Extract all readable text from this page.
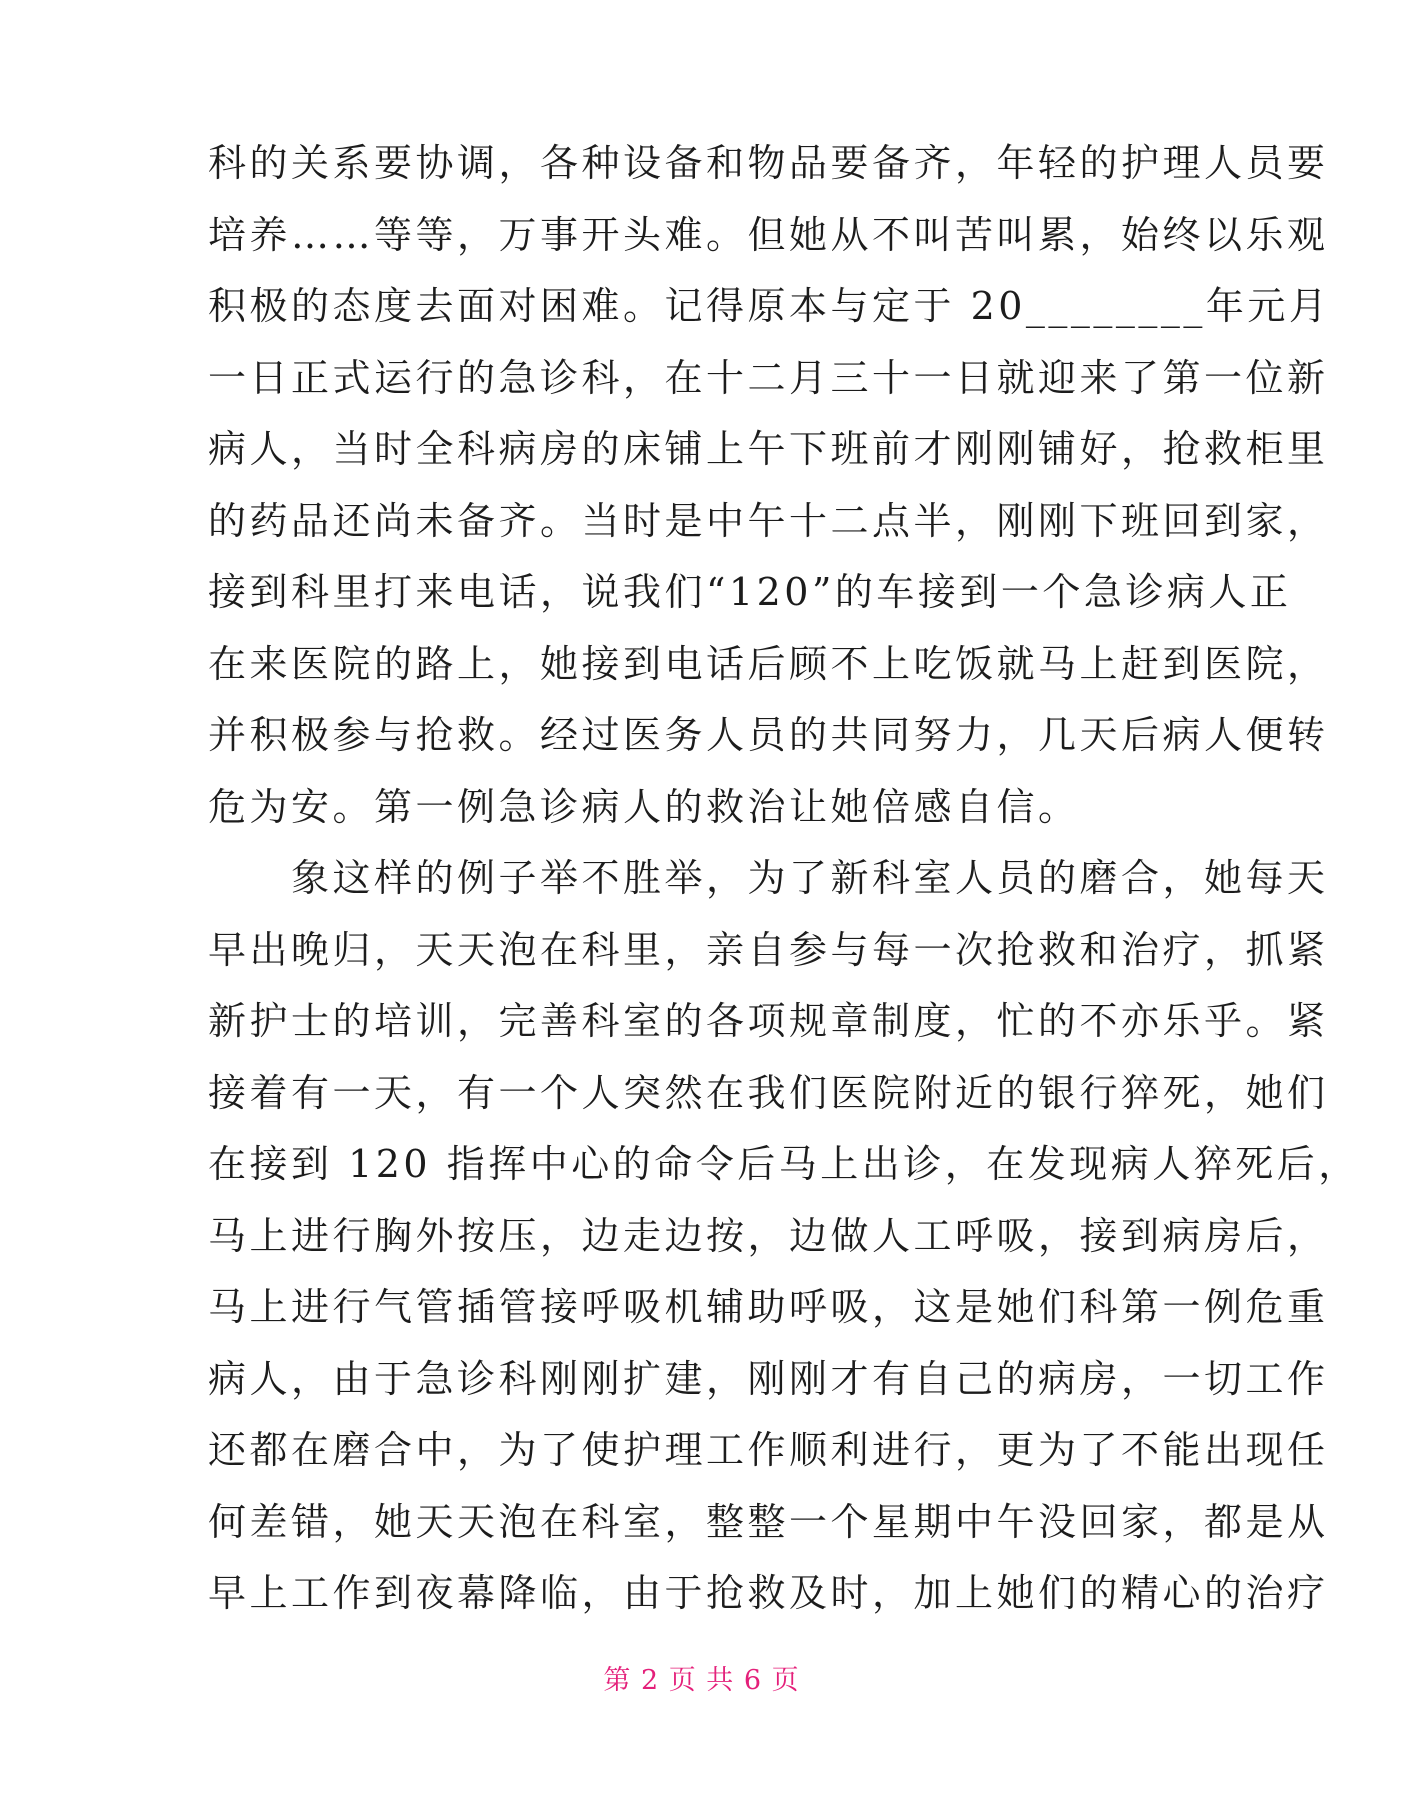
科的关系要协调，各种设备和物品要备齐，年轻的护理人员要
培养……等等，万事开头难。但她从不叫苦叫累，始终以乐观
积极的态度去面对困难。记得原本与定于 20________年元月
一日正式运行的急诊科，在十二月三十一日就迎来了第一位新
病人，当时全科病房的床铺上午下班前才刚刚铺好，抢救柜里
的药品还尚未备齐。当时是中午十二点半，刚刚下班回到家，
接到科里打来电话，说我们“120”的车接到一个急诊病人正
在来医院的路上，她接到电话后顾不上吃饭就马上赶到医院，
并积极参与抢救。经过医务人员的共同努力，几天后病人便转
危为安。第一例急诊病人的救治让她倍感自信。
　　象这样的例子举不胜举，为了新科室人员的磨合，她每天
早出晚归，天天泡在科里，亲自参与每一次抢救和治疗，抓紧
新护士的培训，完善科室的各项规章制度，忙的不亦乐乎。紧
接着有一天，有一个人突然在我们医院附近的银行猝死，她们
在接到 120 指挥中心的命令后马上出诊，在发现病人猝死后，
马上进行胸外按压，边走边按，边做人工呼吸，接到病房后，
马上进行气管插管接呼吸机辅助呼吸，这是她们科第一例危重
病人，由于急诊科刚刚扩建，刚刚才有自己的病房，一切工作
还都在磨合中，为了使护理工作顺利进行，更为了不能出现任
何差错，她天天泡在科室，整整一个星期中午没回家，都是从
早上工作到夜幕降临，由于抢救及时，加上她们的精心的治疗
第 2 页 共 6 页
